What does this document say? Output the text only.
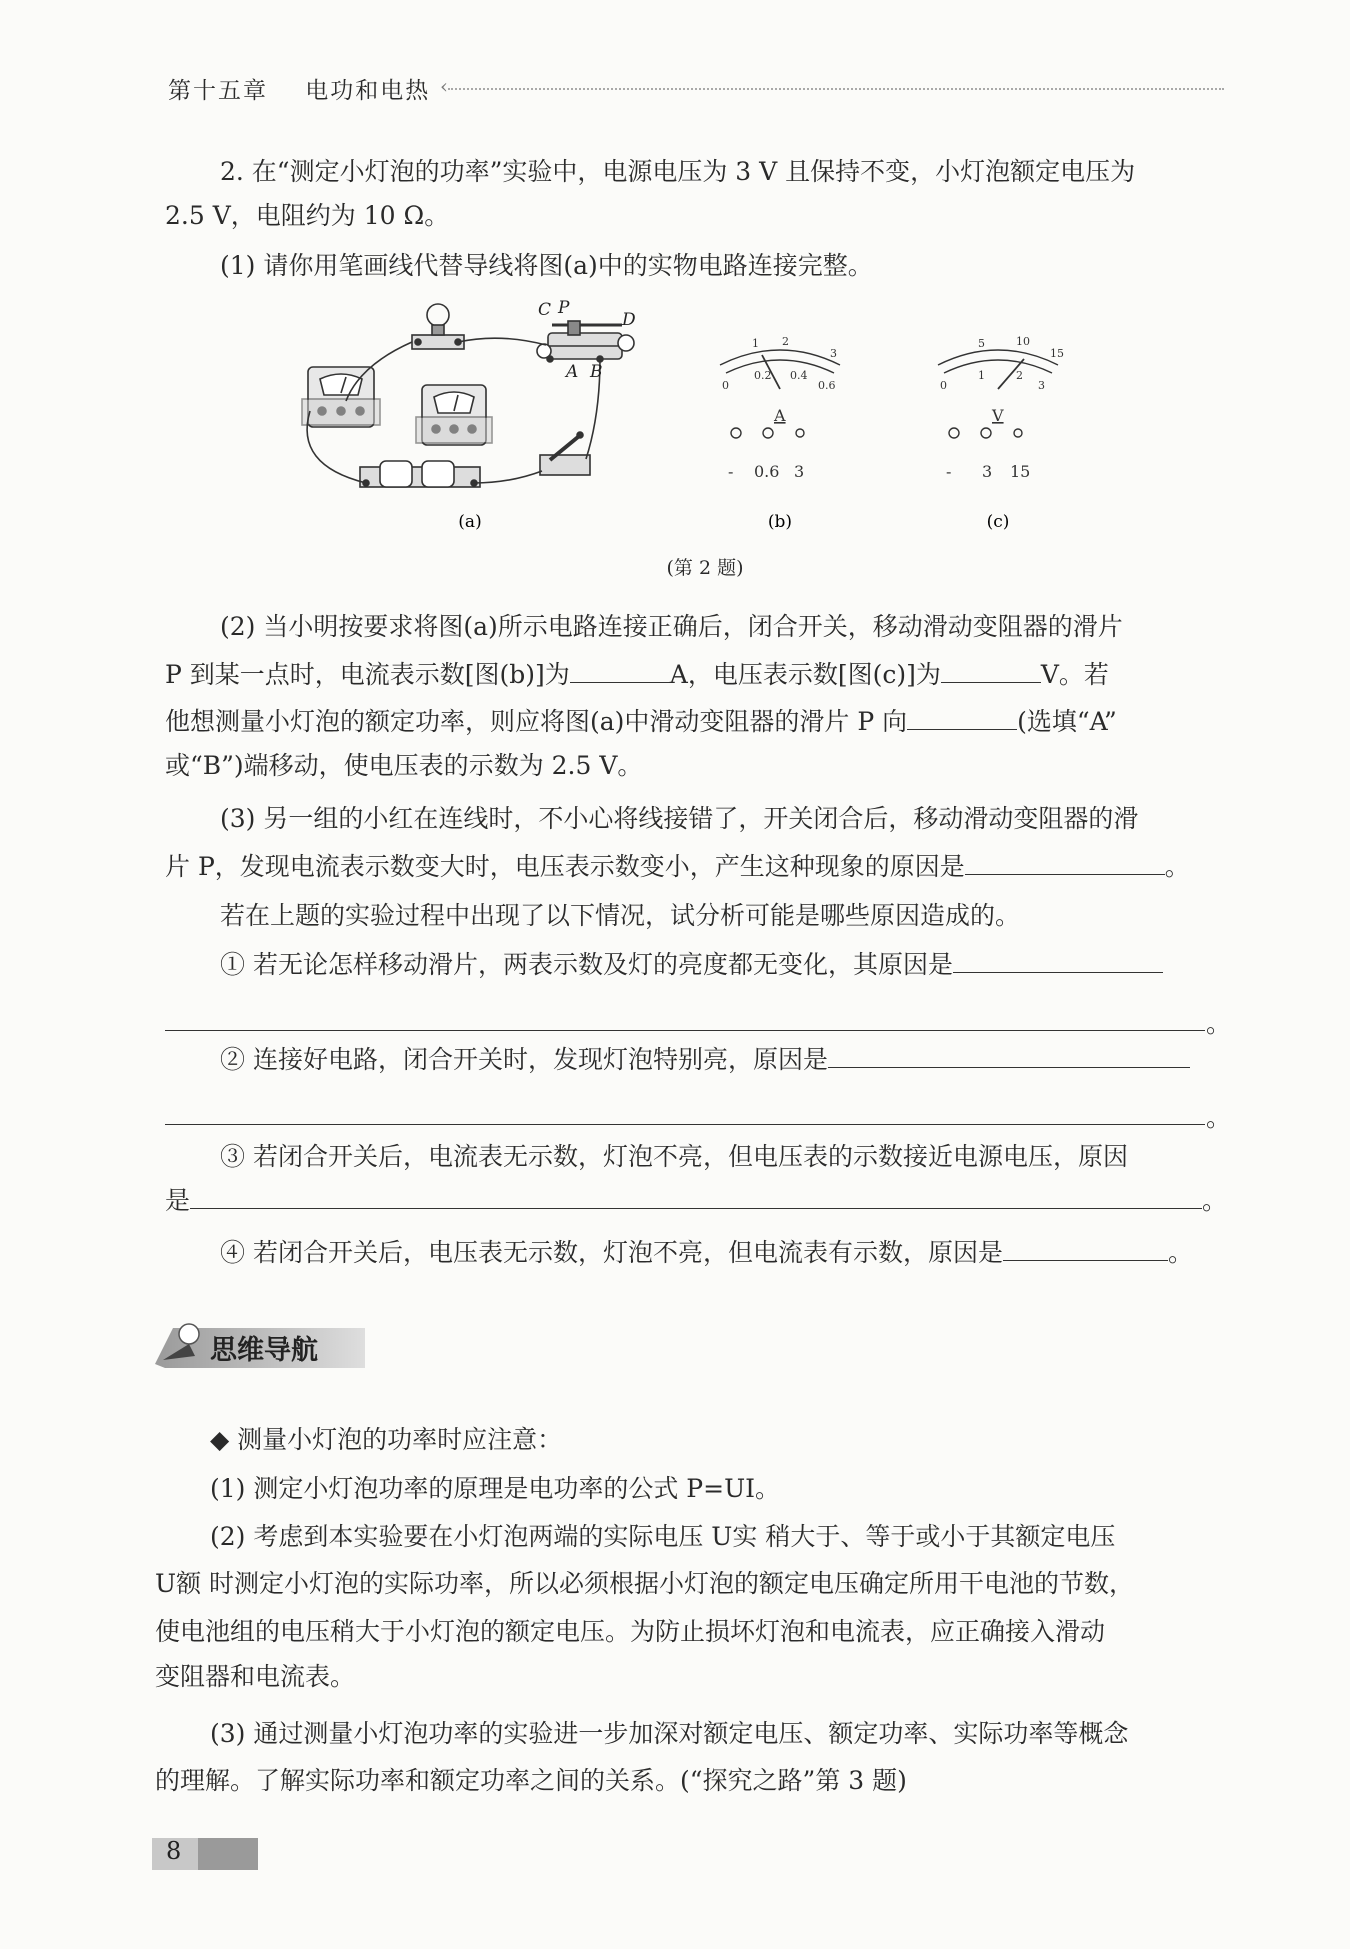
第十五章 电功和电热 ‹
2. 在“测定小灯泡的功率”实验中，电源电压为 3 V 且保持不变，小灯泡额定电压为
2.5 V，电阻约为 10 Ω。
(1) 请你用笔画线代替导线将图(a)中的实物电路连接完整。
C P
D
A B
(a)
1 2
3
0
0.2 0.4
0.6
A
- 0.6 3
(b)
5	10
15
0
1	2
3
V
- 3 15
(c)
(第 2 题)
(2) 当小明按要求将图(a)所示电路连接正确后，闭合开关，移动滑动变阻器的滑片
P 到某一点时，电流表示数[图(b)]为	A，电压表示数[图(c)]为	V。若
他想测量小灯泡的额定功率，则应将图(a)中滑动变阻器的滑片 P 向	(选填“A”
或“B”)端移动，使电压表的示数为 2.5 V。
(3) 另一组的小红在连线时，不小心将线接错了，开关闭合后，移动滑动变阻器的滑
片 P，发现电流表示数变大时，电压表示数变小，产生这种现象的原因是	。
若在上题的实验过程中出现了以下情况，试分析可能是哪些原因造成的。
① 若无论怎样移动滑片，两表示数及灯的亮度都无变化，其原因是
。
② 连接好电路，闭合开关时，发现灯泡特别亮，原因是
。
③ 若闭合开关后，电流表无示数，灯泡不亮，但电压表的示数接近电源电压，原因
是	。
④ 若闭合开关后，电压表无示数，灯泡不亮，但电流表有示数，原因是	。
思维导航
◆ 测量小灯泡的功率时应注意：
(1) 测定小灯泡功率的原理是电功率的公式 P=UI。
(2) 考虑到本实验要在小灯泡两端的实际电压 U实 稍大于、等于或小于其额定电压
U额 时测定小灯泡的实际功率，所以必须根据小灯泡的额定电压确定所用干电池的节数，
使电池组的电压稍大于小灯泡的额定电压。为防止损坏灯泡和电流表，应正确接入滑动
变阻器和电流表。
(3) 通过测量小灯泡功率的实验进一步加深对额定电压、额定功率、实际功率等概念
的理解。了解实际功率和额定功率之间的关系。(“探究之路”第 3 题)
8
